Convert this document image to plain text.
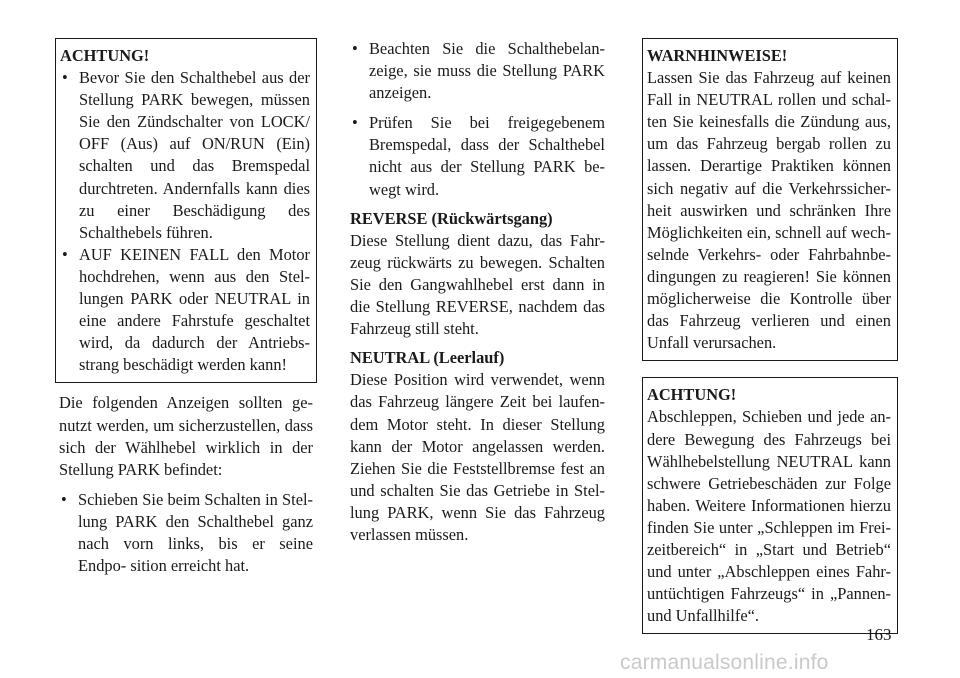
ACHTUNG!
• Bevor Sie den Schalthebel aus der Stellung PARK bewegen, müssen Sie den Zündschalter von LOCK/ OFF (Aus) auf ON/RUN (Ein) schalten und das Bremspedal durchtreten. Andernfalls kann dies zu einer Beschädigung des Schalthebels führen.
• AUF KEINEN FALL den Motor hochdrehen, wenn aus den Stel- lungen PARK oder NEUTRAL in eine andere Fahrstufe geschaltet wird, da dadurch der Antriebs- strang beschädigt werden kann!

Die folgenden Anzeigen sollten ge- nutzt werden, um sicherzustellen, dass sich der Wählhebel wirklich in der Stellung PARK befindet:

• Schieben Sie beim Schalten in Stel- lung PARK den Schalthebel ganz nach vorn links, bis er seine Endpo- sition erreicht hat.
• Beachten Sie die Schalthebelan- zeige, sie muss die Stellung PARK anzeigen.
• Prüfen Sie bei freigegebenem Bremspedal, dass der Schalthebel nicht aus der Stellung PARK be- wegt wird.
REVERSE (Rückwärtsgang)

Diese Stellung dient dazu, das Fahr- zeug rückwärts zu bewegen. Schalten Sie den Gangwahlhebel erst dann in die Stellung REVERSE, nachdem das Fahrzeug still steht.

NEUTRAL (Leerlauf)

Diese Position wird verwendet, wenn das Fahrzeug längere Zeit bei laufen- dem Motor steht. In dieser Stellung kann der Motor angelassen werden. Ziehen Sie die Feststellbremse fest an und schalten Sie das Getriebe in Stel- lung PARK, wenn Sie das Fahrzeug verlassen müssen.

WARNHINWEISE!

Lassen Sie das Fahrzeug auf keinen Fall in NEUTRAL rollen und schal- ten Sie keinesfalls die Zündung aus, um das Fahrzeug bergab rollen zu lassen. Derartige Praktiken können sich negativ auf die Verkehrssicher- heit auswirken und schränken Ihre Möglichkeiten ein, schnell auf wech- selnde Verkehrs- oder Fahrbahnbe- dingungen zu reagieren! Sie können möglicherweise die Kontrolle über das Fahrzeug verlieren und einen Unfall verursachen.

ACHTUNG!

Abschleppen, Schieben und jede an- dere Bewegung des Fahrzeugs bei Wählhebelstellung NEUTRAL kann schwere Getriebeschäden zur Folge haben. Weitere Informationen hierzu finden Sie unter „Schleppen im Frei- zeitbereich“ in „Start und Betrieb“ und unter „Abschleppen eines Fahr- untüchtigen Fahrzeugs“ in „Pannen- und Unfallhilfe“.

163
carmanualsonline.info
